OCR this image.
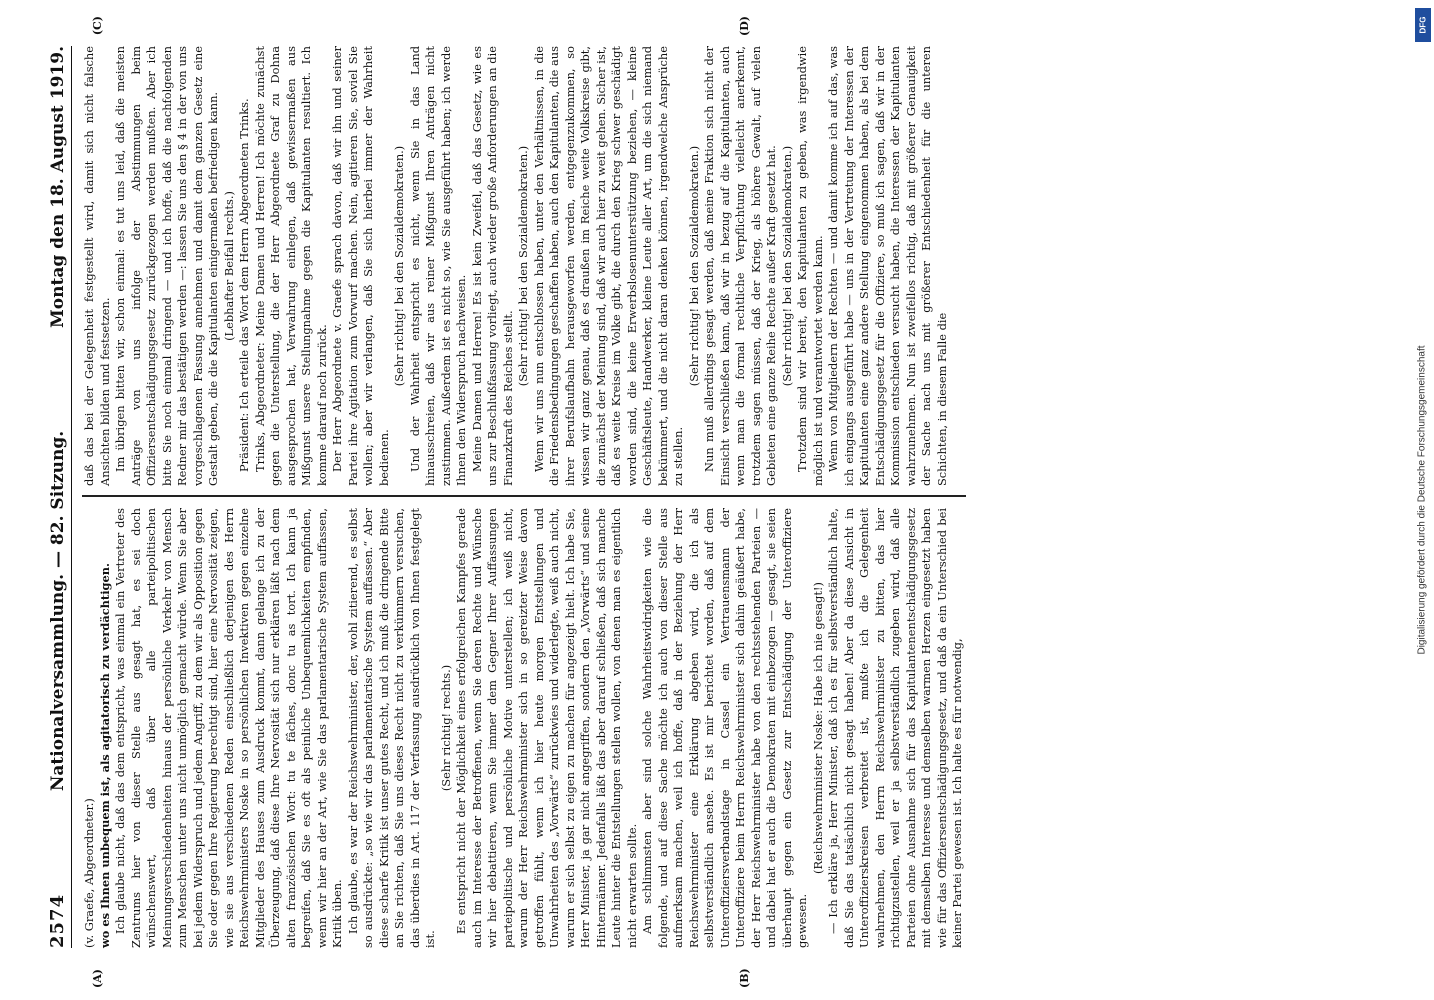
2574
Nationalversammlung. — 82. Sitzung.
Montag den 18. August 1919.
(A)	(B)

(v. Graefe, Abgeordneter.) wo es Ihnen unbequem ist, als agitatorisch zu verdächtigen. Ich glaube nicht, daß das dem entspricht, was einmal ein Vertreter des Zentrums hier von dieser Stelle aus gesagt hat, es sei doch wünschenswert, daß über alle parteipolitischen Meinungsverschiedenheiten hinaus der persönliche Verkehr von Mensch zum Menschen unter uns nicht unmöglich gemacht würde. Wenn Sie aber bei jedem Widerspruch und jedem Angriff, zu dem wir als Opposition gegen Sie oder gegen Ihre Regierung berechtigt sind, hier eine Nervosität zeigen, wie sie aus verschiedenen Reden einschließlich derjenigen des Herrn Reichswehrministers Noske in so persönlichen Invektiven gegen einzelne Mitglieder des Hauses zum Ausdruck kommt, dann gelange ich zu der Überzeugung, daß diese Ihre Nervosität sich nur erklären läßt nach dem alten französischen Wort: tu te fâches, donc tu as tort. Ich kann ja begreifen, daß Sie es oft als peinliche Unbequemlichkeiten empfinden, wenn wir hier an der Art, wie Sie das parlamentarische System auffassen, Kritik üben. Ich glaube, es war der Reichswehrminister, der, wohl zitierend, es selbst so ausdrückte: „so wie wir das parlamentarische System auffassen.“ Aber diese scharfe Kritik ist unser gutes Recht, und ich muß die dringende Bitte an Sie richten, daß Sie uns dieses Recht nicht zu verkümmern versuchen, das überdies in Art. 117 der Verfassung ausdrücklich von Ihnen festgelegt ist.

(Sehr richtig! rechts.) Es entspricht nicht der Möglichkeit eines erfolgreichen Kampfes gerade auch im Interesse der Betroffenen, wenn Sie deren Rechte und Wünsche wir hier debattieren, wenn Sie immer dem Gegner Ihrer Auffassungen parteipolitische und persönliche Motive unterstellen; ich weiß nicht, warum der Herr Reichswehrminister sich in so gereizter Weise davon getroffen fühlt, wenn ich hier heute morgen Entstellungen und Unwahrheiten des „Vorwärts“ zurückwies und widerlegte, weiß auch nicht, warum er sich selbst zu eigen zu machen für angezeigt hielt. Ich habe Sie, Herr Minister, ja gar nicht angegriffen, sondern den „Vorwärts“ und seine Hintermänner. Jedenfalls läßt das aber darauf schließen, daß sich manche Leute hinter die Entstellungen stellen wollen, von denen man es eigentlich nicht erwarten sollte. Am schlimmsten aber sind solche Wahrheitswidrigkeiten wie die folgende, und auf diese Sache möchte ich auch von dieser Stelle aus aufmerksam machen, weil ich hoffe, daß in der Beziehung der Herr Reichswehrminister eine Erklärung abgeben wird, die ich als selbstverständlich ansehe. Es ist mir berichtet worden, daß auf dem Unteroffiziersverbandstage in Cassel ein Vertrauensmann der Unteroffiziere beim Herrn Reichswehrminister sich dahin geäußert habe, der Herr Reichswehrminister habe von den rechtsstehenden Parteien — und dabei hat er auch die Demokraten mit einbezogen — gesagt, sie seien überhaupt gegen ein Gesetz zur Entschädigung der Unteroffiziere gewesen.

(Reichswehrminister Noske: Habe ich nie gesagt!) — Ich erkläre ja, Herr Minister, daß ich es für selbstverständlich halte, daß Sie das tatsächlich nicht gesagt haben! Aber da diese Ansicht in Unteroffizierskreisen verbreitet ist, mußte ich die Gelegenheit wahrnehmen, den Herrn Reichswehrminister zu bitten, das hier richtigzustellen, weil er ja selbstverständlich zugeben wird, daß alle Parteien ohne Ausnahme sich für das Kapitulantenentschädigungsgesetz mit demselben Interesse und demselben warmen Herzen eingesetzt haben wie für das Offiziersentschädigungsgesetz, und daß da ein Unterschied bei keiner Partei gewesen ist. Ich halte es für notwendig,

(C)	(D)

daß das bei der Gelegenheit festgestellt wird, damit sich nicht falsche Ansichten bilden und festsetzen. Im übrigen bitten wir, schon einmal: es tut uns leid, daß die meisten Anträge von uns infolge der Abstimmungen beim Offiziersentschädigungsgesetz zurückgezogen werden mußten. Aber ich bitte Sie noch einmal dringend — und ich hoffe, daß die nachfolgenden Redner mir das bestätigen werden —: lassen Sie uns den § 4 in der von uns vorgeschlagenen Fassung annehmen und damit dem ganzen Gesetz eine Gestalt geben, die die Kapitulanten einigermaßen befriedigen kann. (Lebhafter Beifall rechts.) Präsident: Ich erteile das Wort dem Herrn Abgeordneten Trinks. Trinks, Abgeordneter: Meine Damen und Herren! Ich möchte zunächst gegen die Unterstellung, die der Herr Abgeordnete Graf zu Dohna ausgesprochen hat, Verwahrung einlegen, daß gewissermaßen aus Mißgunst unsere Stellungnahme gegen die Kapitulanten resultiert. Ich komme darauf noch zurück. Der Herr Abgeordnete v. Graefe sprach davon, daß wir ihn und seiner Partei ihre Agitation zum Vorwurf machen. Nein, agitieren Sie, soviel Sie wollen; aber wir verlangen, daß Sie sich hierbei immer der Wahrheit bedienen.

(Sehr richtig! bei den Sozialdemokraten.) Und der Wahrheit entspricht es nicht, wenn Sie in das Land hinausschreien, daß wir aus reiner Mißgunst Ihren Anträgen nicht zustimmen. Außerdem ist es nicht so, wie Sie ausgeführt haben; ich werde Ihnen den Widerspruch nachweisen. Meine Damen und Herren! Es ist kein Zweifel, daß das Gesetz, wie es uns zur Beschlußfassung vorliegt, auch wieder große Anforderungen an die Finanzkraft des Reiches stellt.

(Sehr richtig! bei den Sozialdemokraten.) Wenn wir uns nun entschlossen haben, unter den Verhältnissen, in die die Friedensbedingungen geschaffen haben, auch den Kapitulanten, die aus ihrer Berufslaufbahn herausgeworfen werden, entgegenzukommen, so wissen wir ganz genau, daß es draußen im Reiche weite Volkskreise gibt, die zunächst der Meinung sind, daß wir auch hier zu weit gehen. Sicher ist, daß es weite Kreise im Volke gibt, die durch den Krieg schwer geschädigt worden sind, die keine Erwerbslosenunterstützung beziehen, — kleine Geschäftsleute, Handwerker, kleine Leute aller Art, um die sich niemand bekümmert, und die nicht daran denken können, irgendwelche Ansprüche zu stellen.

(Sehr richtig! bei den Sozialdemokraten.) Nun muß allerdings gesagt werden, daß meine Fraktion sich nicht der Einsicht verschließen kann, daß wir in bezug auf die Kapitulanten, auch wenn man die formal rechtliche Verpflichtung vielleicht anerkennt, trotzdem sagen müssen, daß der Krieg, als höhere Gewalt, auf vielen Gebieten eine ganze Reihe Rechte außer Kraft gesetzt hat. (Sehr richtig! bei den Sozialdemokraten.) Trotzdem sind wir bereit, den Kapitulanten zu geben, was irgendwie möglich ist und verantwortet werden kann. Wenn von Mitgliedern der Rechten — und damit komme ich auf das, was ich eingangs ausgeführt habe — uns in der Vertretung der Interessen der Kapitulanten eine ganz andere Stellung eingenommen haben, als bei dem Entschädigungsgesetz für die Offiziere, so muß ich sagen, daß wir in der Kommission entschieden versucht haben, die Interessen der Kapitulanten wahrzunehmen. Nun ist zweifellos richtig, daß mit größerer Genauigkeit der Sache nach uns mit größerer Entschiedenheit für die unteren Schichten, in diesem Falle die	Digitalisierung gefördert durch die Deutsche Forschungsgemeinschaft
DFG
